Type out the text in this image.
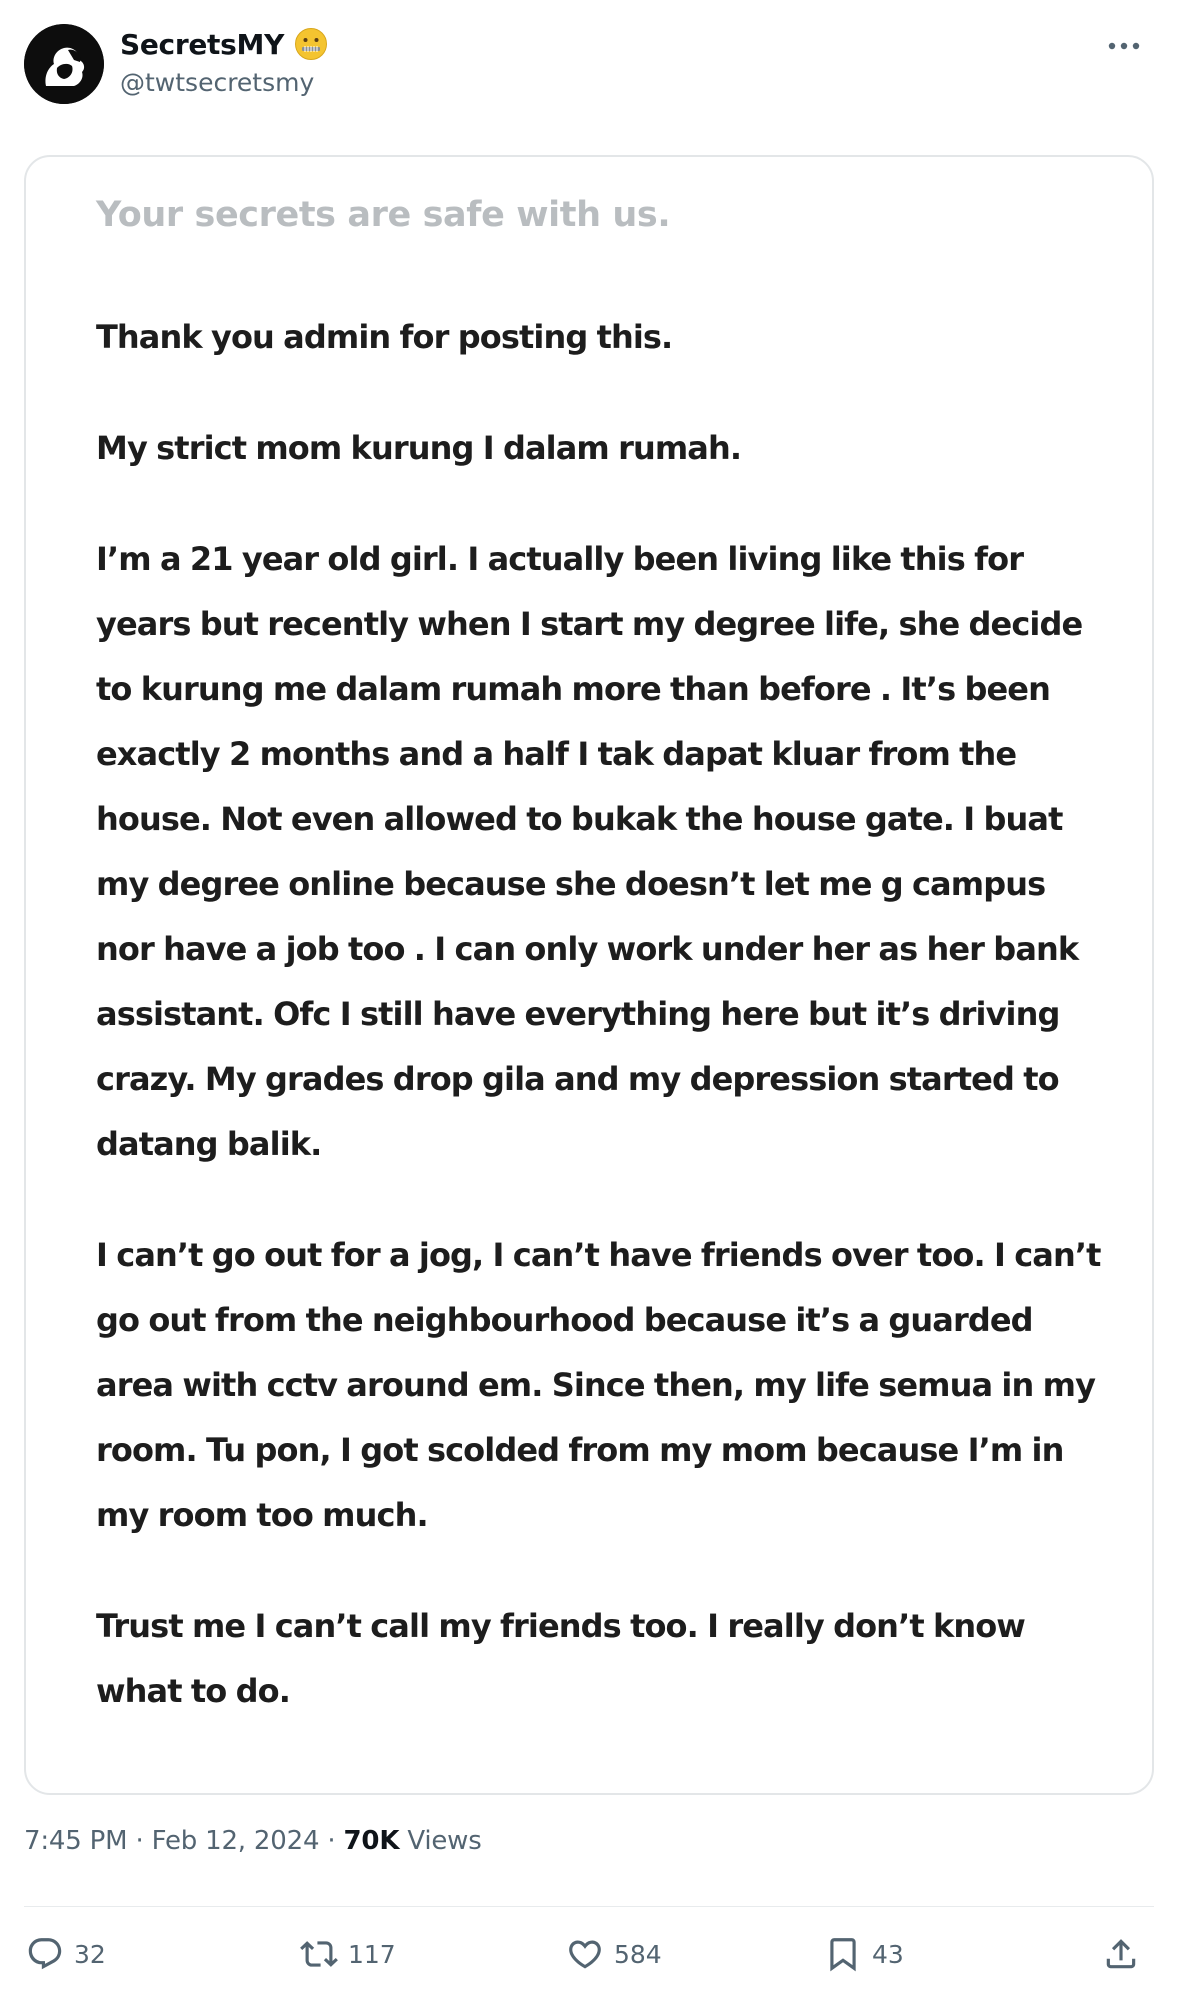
SecretsMY
@twtsecretsmy
Your secrets are safe with us.

Thank you admin for posting this.

My strict mom kurung I dalam rumah.

I’m a 21 year old girl. I actually been living like this for years but recently when I start my degree life, she decide to kurung me dalam rumah more than before . It’s been exactly 2 months and a half I tak dapat kluar from the house. Not even allowed to bukak the house gate. I buat my degree online because she doesn’t let me g campus nor have a job too . I can only work under her as her bank assistant. Ofc I still have everything here but it’s driving crazy. My grades drop gila and my depression started to datang balik.

I can’t go out for a jog, I can’t have friends over too. I can’t go out from the neighbourhood because it’s a guarded area with cctv around em. Since then, my life semua in my room. Tu pon, I got scolded from my mom because I’m in my room too much.

Trust me I can’t call my friends too. I really don’t know what to do.

7:45 PM · Feb 12, 2024 · 70K Views
32	117	584	43
